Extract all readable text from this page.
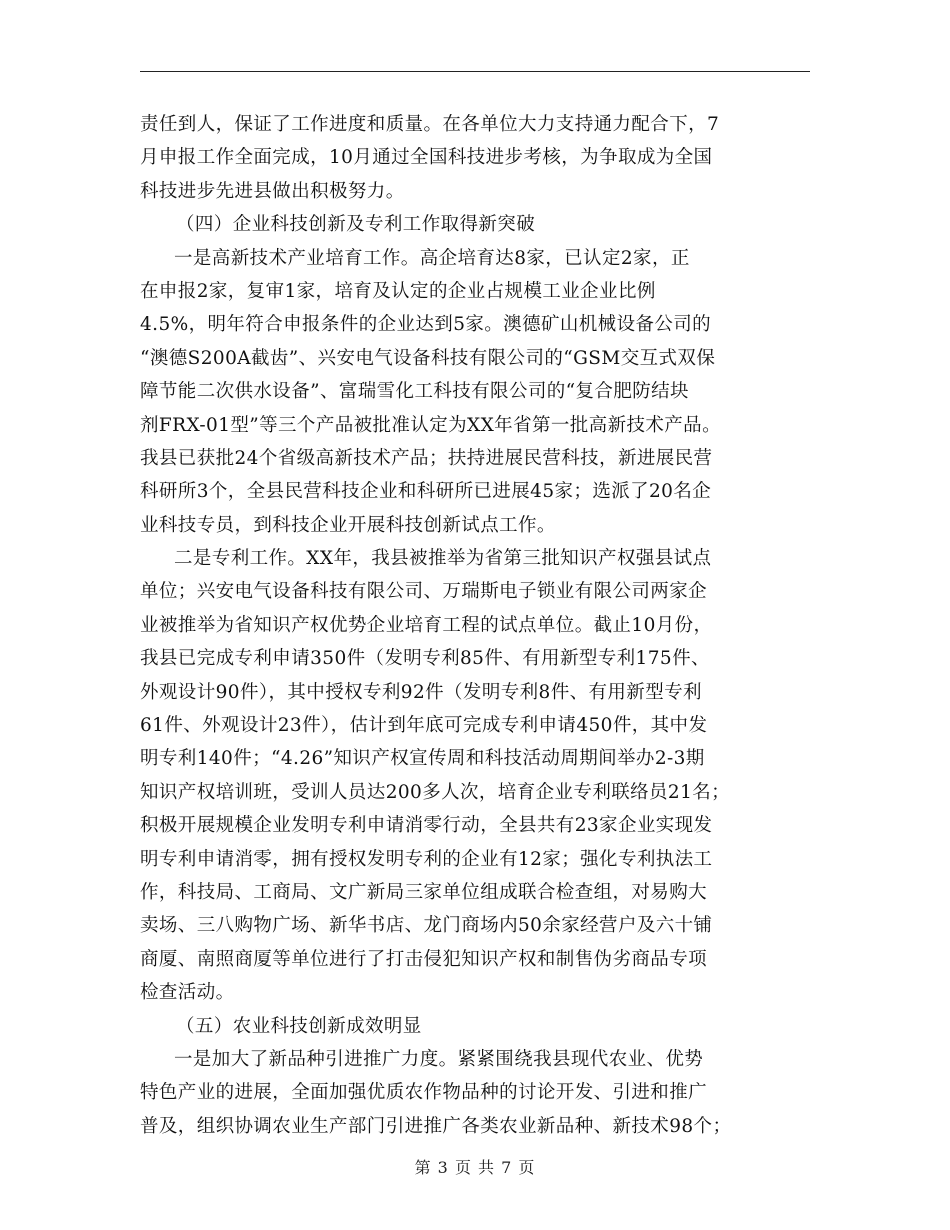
责任到人，保证了工作进度和质量。在各单位大力支持通力配合下，7
月申报工作全面完成，10月通过全国科技进步考核，为争取成为全国
科技进步先进县做出积极努力。
（四）企业科技创新及专利工作取得新突破
一是高新技术产业培育工作。高企培育达8家，已认定2家，正
在申报2家，复审1家，培育及认定的企业占规模工业企业比例
4.5%，明年符合申报条件的企业达到5家。澳德矿山机械设备公司的
“澳德S200A截齿”、兴安电气设备科技有限公司的“GSM交互式双保
障节能二次供水设备”、富瑞雪化工科技有限公司的“复合肥防结块
剂FRX-01型”等三个产品被批准认定为XX年省第一批高新技术产品。
我县已获批24个省级高新技术产品；扶持进展民营科技，新进展民营
科研所3个，全县民营科技企业和科研所已进展45家；选派了20名企
业科技专员，到科技企业开展科技创新试点工作。
二是专利工作。XX年，我县被推举为省第三批知识产权强县试点
单位；兴安电气设备科技有限公司、万瑞斯电子锁业有限公司两家企
业被推举为省知识产权优势企业培育工程的试点单位。截止10月份，
我县已完成专利申请350件（发明专利85件、有用新型专利175件、
外观设计90件），其中授权专利92件（发明专利8件、有用新型专利
61件、外观设计23件），估计到年底可完成专利申请450件，其中发
明专利140件；“4.26”知识产权宣传周和科技活动周期间举办2-3期
知识产权培训班，受训人员达200多人次，培育企业专利联络员21名；
积极开展规模企业发明专利申请消零行动，全县共有23家企业实现发
明专利申请消零，拥有授权发明专利的企业有12家；强化专利执法工
作，科技局、工商局、文广新局三家单位组成联合检查组，对易购大
卖场、三八购物广场、新华书店、龙门商场内50余家经营户及六十铺
商厦、南照商厦等单位进行了打击侵犯知识产权和制售伪劣商品专项
检查活动。
（五）农业科技创新成效明显
一是加大了新品种引进推广力度。紧紧围绕我县现代农业、优势
特色产业的进展，全面加强优质农作物品种的讨论开发、引进和推广
普及，组织协调农业生产部门引进推广各类农业新品种、新技术98个；
第 3 页 共 7 页
